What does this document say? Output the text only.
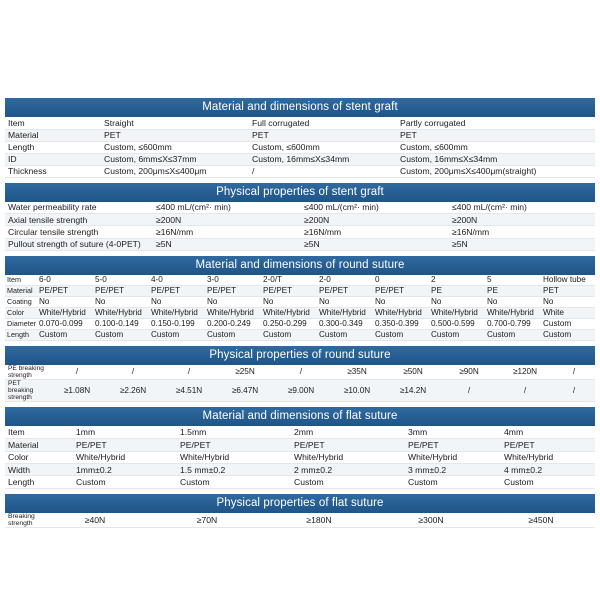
Material and dimensions of stent graft
Item	Straight	Full corrugated	Partly corrugated
Material	PET	PET	PET
Length	Custom, ≤600mm	Custom, ≤600mm	Custom, ≤600mm
ID	Custom, 6mm≤X≤37mm	Custom, 16mm≤X≤34mm	Custom, 16mm≤X≤34mm
Thickness	Custom, 200μm≤X≤400μm	/	Custom, 200μm≤X≤400μm(straight)
Physical properties of stent graft
Water permeability rate	≤400 mL/(cm²· min)	≤400 mL/(cm²· min)	≤400 mL/(cm²· min)
Axial tensile strength	≥200N	≥200N	≥200N
Circular tensile strength	≥16N/mm	≥16N/mm	≥16N/mm
Pullout strength of suture (4-0PET)	≥5N	≥5N	≥5N
Material and dimensions of round suture
Item	6-0	5-0	4-0	3-0	2-0/T	2-0	0	2	5	Hollow tube
Material	PE/PET	PE/PET	PE/PET	PE/PET	PE/PET	PE/PET	PE/PET	PE	PE	PET
Coating	No	No	No	No	No	No	No	No	No	No
Color	White/Hybrid	White/Hybrid	White/Hybrid	White/Hybrid	White/Hybrid	White/Hybrid	White/Hybrid	White/Hybrid	White/Hybrid	White
Diameter	0.070-0.099	0.100-0.149	0.150-0.199	0.200-0.249	0.250-0.299	0.300-0.349	0.350-0.399	0.500-0.599	0.700-0.799	Custom
Length	Custom	Custom	Custom	Custom	Custom	Custom	Custom	Custom	Custom	Custom
Physical properties of round suture
PE breaking strength	/	/	/	≥25N	/	≥35N	≥50N	≥90N	≥120N	/
PET breaking strength	≥1.08N	≥2.26N	≥4.51N	≥6.47N	≥9.00N	≥10.0N	≥14.2N	/	/	/
Material and dimensions of flat suture
Item	1mm	1.5mm	2mm	3mm	4mm
Material	PE/PET	PE/PET	PE/PET	PE/PET	PE/PET
Color	White/Hybrid	White/Hybrid	White/Hybrid	White/Hybrid	White/Hybrid
Width	1mm±0.2	1.5 mm±0.2	2 mm±0.2	3 mm±0.2	4 mm±0.2
Length	Custom	Custom	Custom	Custom	Custom
Physical properties of flat suture
Breaking strength	≥40N	≥70N	≥180N	≥300N	≥450N
